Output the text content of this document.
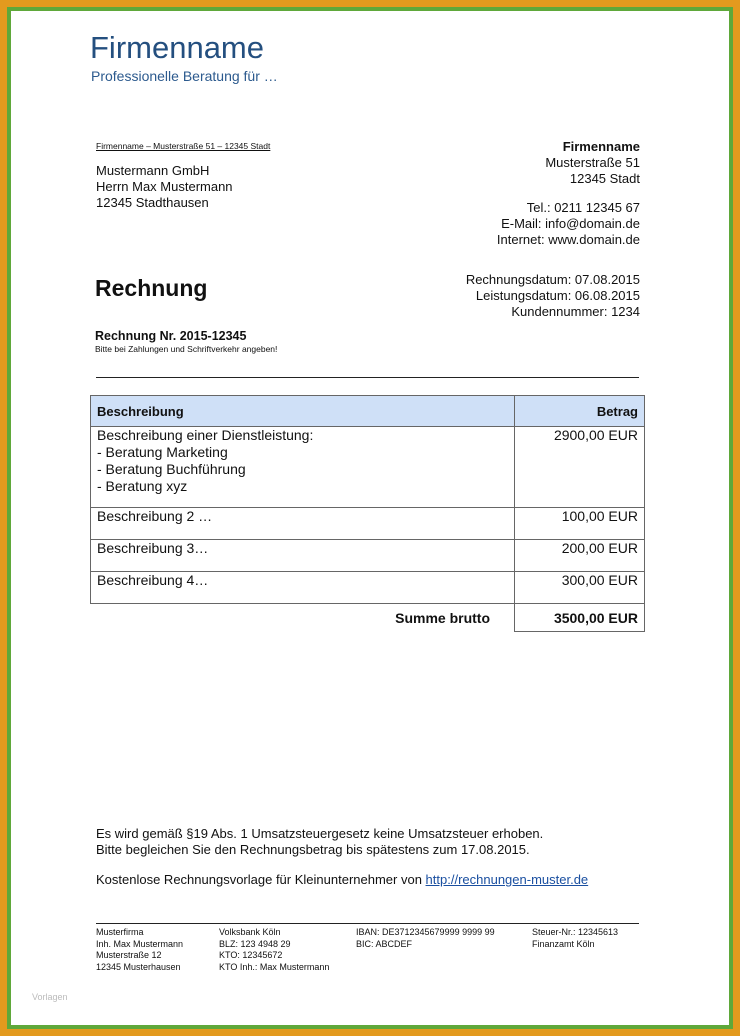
Firmenname
Professionelle Beratung für …
Firmenname – Musterstraße 51 – 12345 Stadt
Mustermann GmbH
Herrn Max Mustermann
12345 Stadthausen
Firmenname
Musterstraße 51
12345 Stadt
Tel.: 0211 12345 67
E-Mail: info@domain.de
Internet: www.domain.de
Rechnung	Rechnungsdatum: 07.08.2015
Leistungsdatum: 06.08.2015
Kundennummer: 1234
Rechnung Nr. 2015-12345
Bitte bei Zahlungen und Schriftverkehr angeben!
Beschreibung	Betrag

Beschreibung einer Dienstleistung:
- Beratung Marketing
- Beratung Buchführung
- Beratung xyz	2900,00 EUR
Beschreibung 2 …	100,00 EUR
Beschreibung 3…	200,00 EUR
Beschreibung 4…	300,00 EUR
Summe brutto	3500,00 EUR
Es wird gemäß §19 Abs. 1 Umsatzsteuergesetz keine Umsatzsteuer erhoben.
Bitte begleichen Sie den Rechnungsbetrag bis spätestens zum 17.08.2015.
Kostenlose Rechnungsvorlage für Kleinunternehmer von http://rechnungen-muster.de
Musterfirma
Inh. Max Mustermann
Musterstraße 12
12345 Musterhausen
Volksbank Köln
BLZ: 123 4948 29
KTO: 12345672
KTO Inh.: Max Mustermann
IBAN: DE3712345679999 9999 99
BIC: ABCDEF
Steuer-Nr.: 12345613
Finanzamt Köln
Vorlagen
